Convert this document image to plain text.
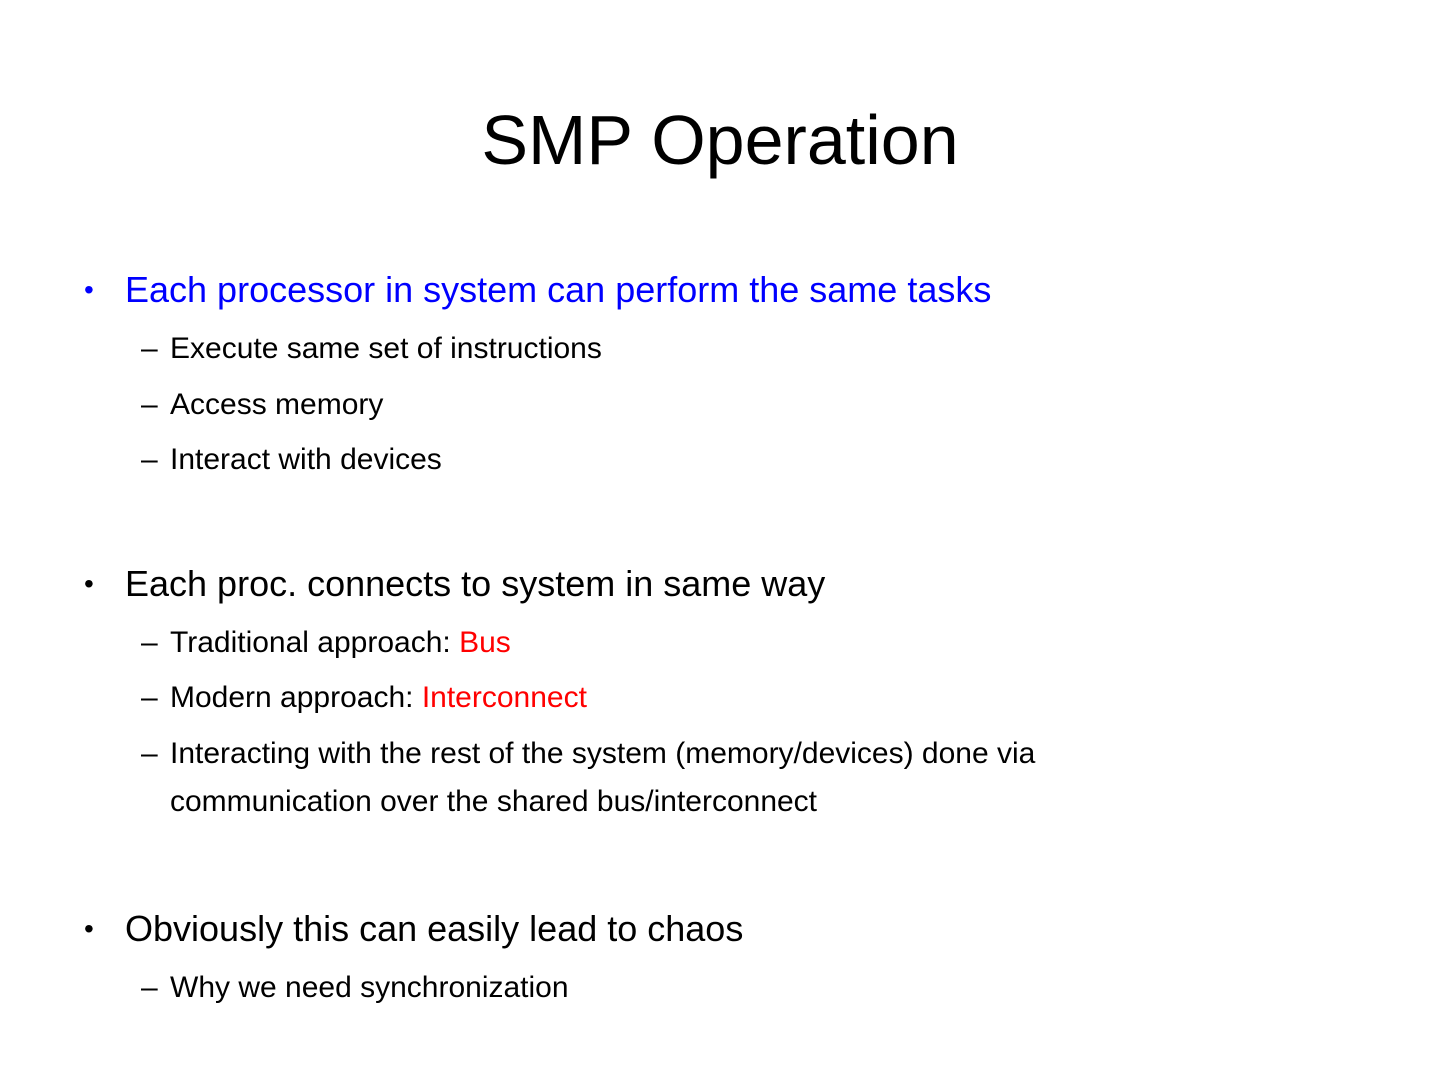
SMP Operation
• Each processor in system can perform the same tasks
– Execute same set of instructions
– Access memory
– Interact with devices
• Each proc. connects to system in same way
– Traditional approach: Bus
– Modern approach: Interconnect
– Interacting with the rest of the system (memory/devices) done via
communication over the shared bus/interconnect
• Obviously this can easily lead to chaos
– Why we need synchronization
